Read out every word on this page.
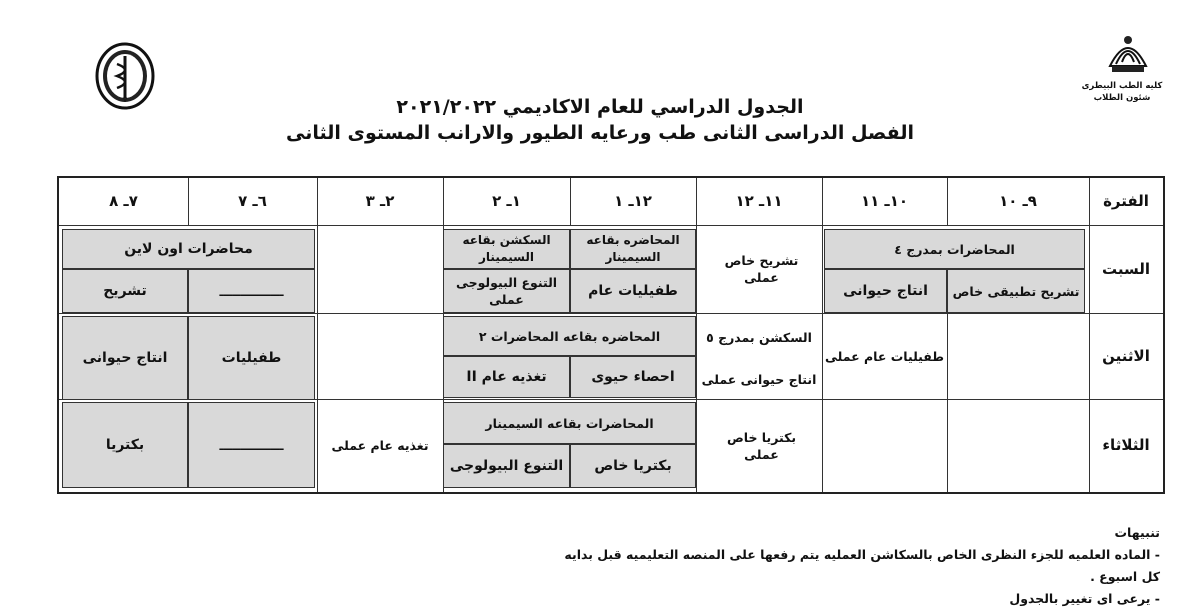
V
كليه الطب البيطرى
شئون الطلاب
الجدول الدراسي للعام الاكاديمي ٢٠٢١/٢٠٢٢
الفصل الدراسى الثانى طب ورعايه الطيور والارانب المستوى الثانى
الفترة
٩ـ ١٠
١٠ـ ١١
١١ـ ١٢
١٢ـ ١
١ـ ٢
٢ـ ٣
٦ـ ٧
٧ـ ٨
السبت
الاثنين
الثلاثاء
المحاضرات بمدرج ٤
تشريح تطبيقى خاص
انتاج حيوانى
تشريح خاص عملى
المحاضره بقاعه السيمينار
طفيليات عام
السكشن بقاعه السيمينار
التنوع البيولوجى عملى
محاضرات اون لاين
ـــــــــــــــ
تشريح
طفيليات عام عملى
السكشن بمدرج ٥
انتاج حيوانى عملى
المحاضره بقاعه المحاضرات ٢
احصاء حيوى
تغذيه عام II
طفيليات
انتاج حيوانى
بكتريا خاص عملى
المحاضرات بقاعه السيمينار
بكتريا خاص
التنوع البيولوجى
تغذيه عام عملى
ـــــــــــــــ
بكتريا
تنبيهات
- الماده العلميه للجزء النظرى الخاص بالسكاشن العمليه يتم رفعها على المنصه التعليميه قبل بدايه كل اسبوع .
- يرعى اى تغيير بالجدول
